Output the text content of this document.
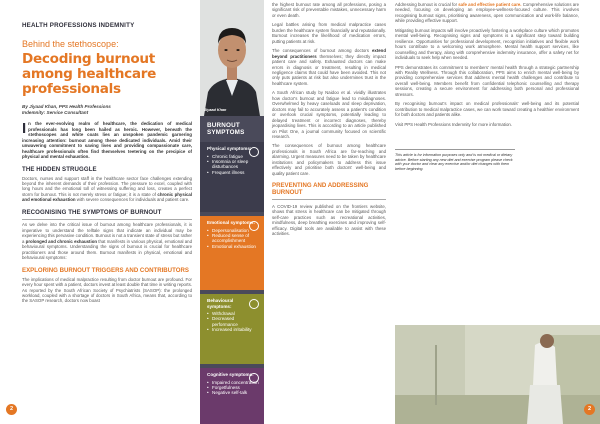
HEALTH PROFESSIONS INDEMNITY
Behind the stethoscope:
Decoding burnout among healthcare professionals
By Jiyaad Khan, PPS Health Professions
Indemnity: Service Consultant
In the ever-evolving realm of healthcare, the dedication of medical professionals has long been hailed as heroic. However, beneath the stethoscopes and white coats lies an unspoken pandemic garnering increasing attention: burnout among these dedicated individuals. Amid their unwavering commitment to saving lives and providing compassionate care, healthcare professionals often find themselves teetering on the precipice of physical and mental exhaustion.
THE HIDDEN STRUGGLE

Doctors, nurses and support staff in the healthcare sector face challenges extending beyond the inherent demands of their profession. The pressure to excel, coupled with long hours and the emotional toll of witnessing suffering and loss, creates a perfect storm for burnout. This is not merely stress or fatigue; it is a state of chronic physical and emotional exhaustion with severe consequences for individuals and patient care.

RECOGNISING THE SYMPTOMS OF BURNOUT

As we delve into the critical issue of burnout among healthcare professionals, it is imperative to understand the telltale signs that indicate an individual may be experiencing this pervasive condition. Burnout is not a transient state of stress but rather a prolonged and chronic exhaustion that manifests in various physical, emotional and behavioural symptoms. Understanding the signs of burnout is crucial for healthcare practitioners and those around them. Burnout manifests in physical, emotional and behavioural symptoms:

EXPLORING BURNOUT TRIGGERS AND CONTRIBUTORS

The implications of medical malpractice resulting from doctor burnout are profound. For every hour spent with a patient, doctors invest at least double that time in writing reports. As reported by the South African Society of Psychiatrists (SASOP): the prolonged workload, coupled with a shortage of doctors in South Africa, means that, according to the SASOP research, doctors now boast

2
Jiyaad Khan
BURNOUT SYMPTOMS
Physical symptoms:
• Chronic fatigue
• Insomnia or sleep disturbances
• Frequent illness
Emotional symptoms:
• Depersonalisation
• Reduced sense of accomplishment
• Emotional exhaustion
Behavioural symptoms:
• Withdrawal
• Decreased performance
• Increased irritability
Cognitive symptoms:
• Impaired concentration
• Forgetfulness
• Negative self-talk

the highest burnout rate among all professions, posing a significant risk of preventable mistakes, unnecessary harm or even death.

Legal battles arising from medical malpractice cases burden the healthcare system financially and reputationally. Burnout increases the likelihood of medication errors, putting patients at risk.

The consequences of burnout among doctors extend beyond practitioners themselves; they directly impact patient care and safety. Exhausted doctors can make errors in diagnosis or treatment, resulting in medical negligence claims that could have been avoided. This not only puts patients at risk but also undermines trust in the healthcare system.

A South African study by Naidoo et al. vividly illustrates how doctor's burnout and fatigue lead to misdiagnoses. Overwhelmed by heavy caseloads and sleep deprivation, doctors may fail to accurately assess a patient's condition or overlook crucial symptoms, potentially leading to delayed treatment or incorrect diagnoses, thereby jeopardising lives. This is according to an article published on Pilot One, a journal community focused on scientific research.

The consequences of burnout among healthcare professionals in South Africa are far-reaching and alarming. Urgent measures need to be taken by healthcare institutions and policymakers to address this issue effectively and prioritise both doctors' well-being and quality patient care.

PREVENTING AND ADDRESSING BURNOUT

A COVID-19 review published on the frontiers website, shows that stress in healthcare can be mitigated through self-care practices such as recreational activities, mindfulness, deep breathing exercises and improving self-efficacy. Digital tools are available to assist with these activities.

Addressing burnout is crucial for safe and effective patient care. Comprehensive solutions are needed, focusing on developing an employee-wellness-focused culture. This involves recognising burnout signs, prioritising awareness, open communication and work-life balance, while providing effective support.

Mitigating burnout impacts will involve proactively fostering a workplace culture which promotes mental well-being. Recognising signs and symptoms is a significant step toward building resilience. Opportunities for professional development, recognition initiatives and flexible work hours contribute to a welcoming work atmosphere. Mental health support services, like counselling and therapy, along with comprehensive indemnity insurance, offer a safety net for individuals to seek help when needed.

PPS demonstrates its commitment to members' mental health through a strategic partnership with Reality Wellness. Through this collaboration, PPS aims to enrich mental well-being by providing comprehensive services that address mental health challenges and contribute to overall well-being. Members benefit from confidential telephonic counselling and therapy sessions, creating a secure environment for addressing both personal and professional stressors.

By recognising burnout's impact on medical professionals' well-being and its potential contribution to medical malpractice cases, we can work toward creating a healthier environment for both doctors and patients alike.

Visit PPS Health Professions Indemnity for more information.

This article is for information purposes only and is not medical or dietary advice. Before starting any new diet and exercise program please check with your doctor and clear any exercise and/or diet changes with them before beginning.
2
